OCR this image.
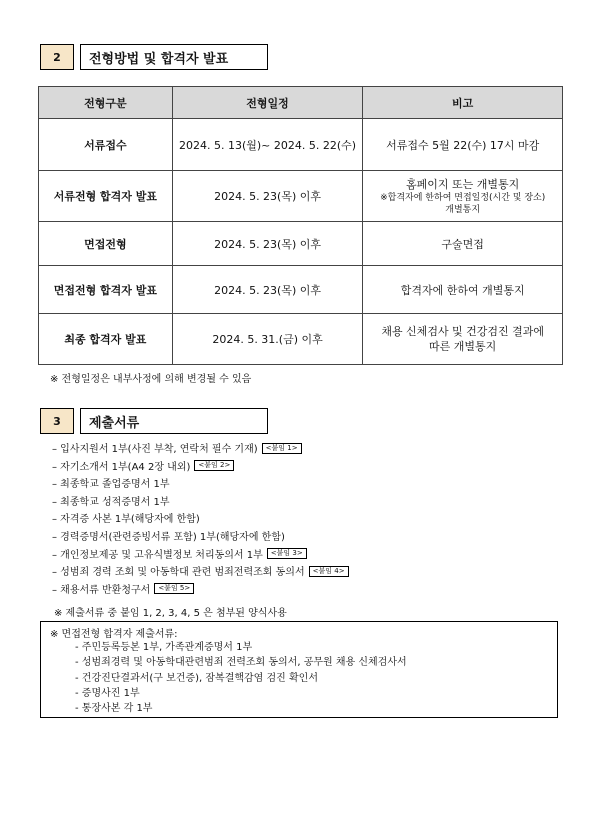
2	전형방법 및 합격자 발표
전형구분	전형일정	비고
서류접수	2024. 5. 13(월)~ 2024. 5. 22(수)	서류접수 5월 22(수) 17시 마감
서류전형 합격자 발표	2024. 5. 23(목) 이후	홈페이지 또는 개별통지
※합격자에 한하여 면접일정(시간 및 장소)
개별통지

면접전형	2024. 5. 23(목) 이후	구술면접
면접전형 합격자 발표	2024. 5. 23(목) 이후	합격자에 한하여 개별통지
최종 합격자 발표	2024. 5. 31.(금) 이후	채용 신체검사 및 건강검진 결과에
따른 개별통지
※ 전형일정은 내부사정에 의해 변경될 수 있음
3	제출서류
– 입사지원서 1부(사진 부착, 연락처 필수 기재) <붙임 1>
– 자기소개서 1부(A4 2장 내외) <붙임 2>
– 최종학교 졸업증명서 1부
– 최종학교 성적증명서 1부
– 자격증 사본 1부(해당자에 한함)
– 경력증명서(관련증빙서류 포함) 1부(해당자에 한함)
– 개인정보제공 및 고유식별정보 처리동의서 1부 <붙임 3>
– 성범죄 경력 조회 및 아동학대 관련 범죄전력조회 동의서 <붙임 4>
– 채용서류 반환청구서 <붙임 5>
※ 제출서류 중 붙임 1, 2, 3, 4, 5 은 첨부된 양식사용
※ 면접전형 합격자 제출서류:
- 주민등록등본 1부, 가족관계증명서 1부
- 성범죄경력 및 아동학대관련범죄 전력조회 동의서, 공무원 채용 신체검사서
- 건강진단결과서(구 보건증), 잠복결핵감염 검진 확인서
- 증명사진 1부
- 통장사본 각 1부
